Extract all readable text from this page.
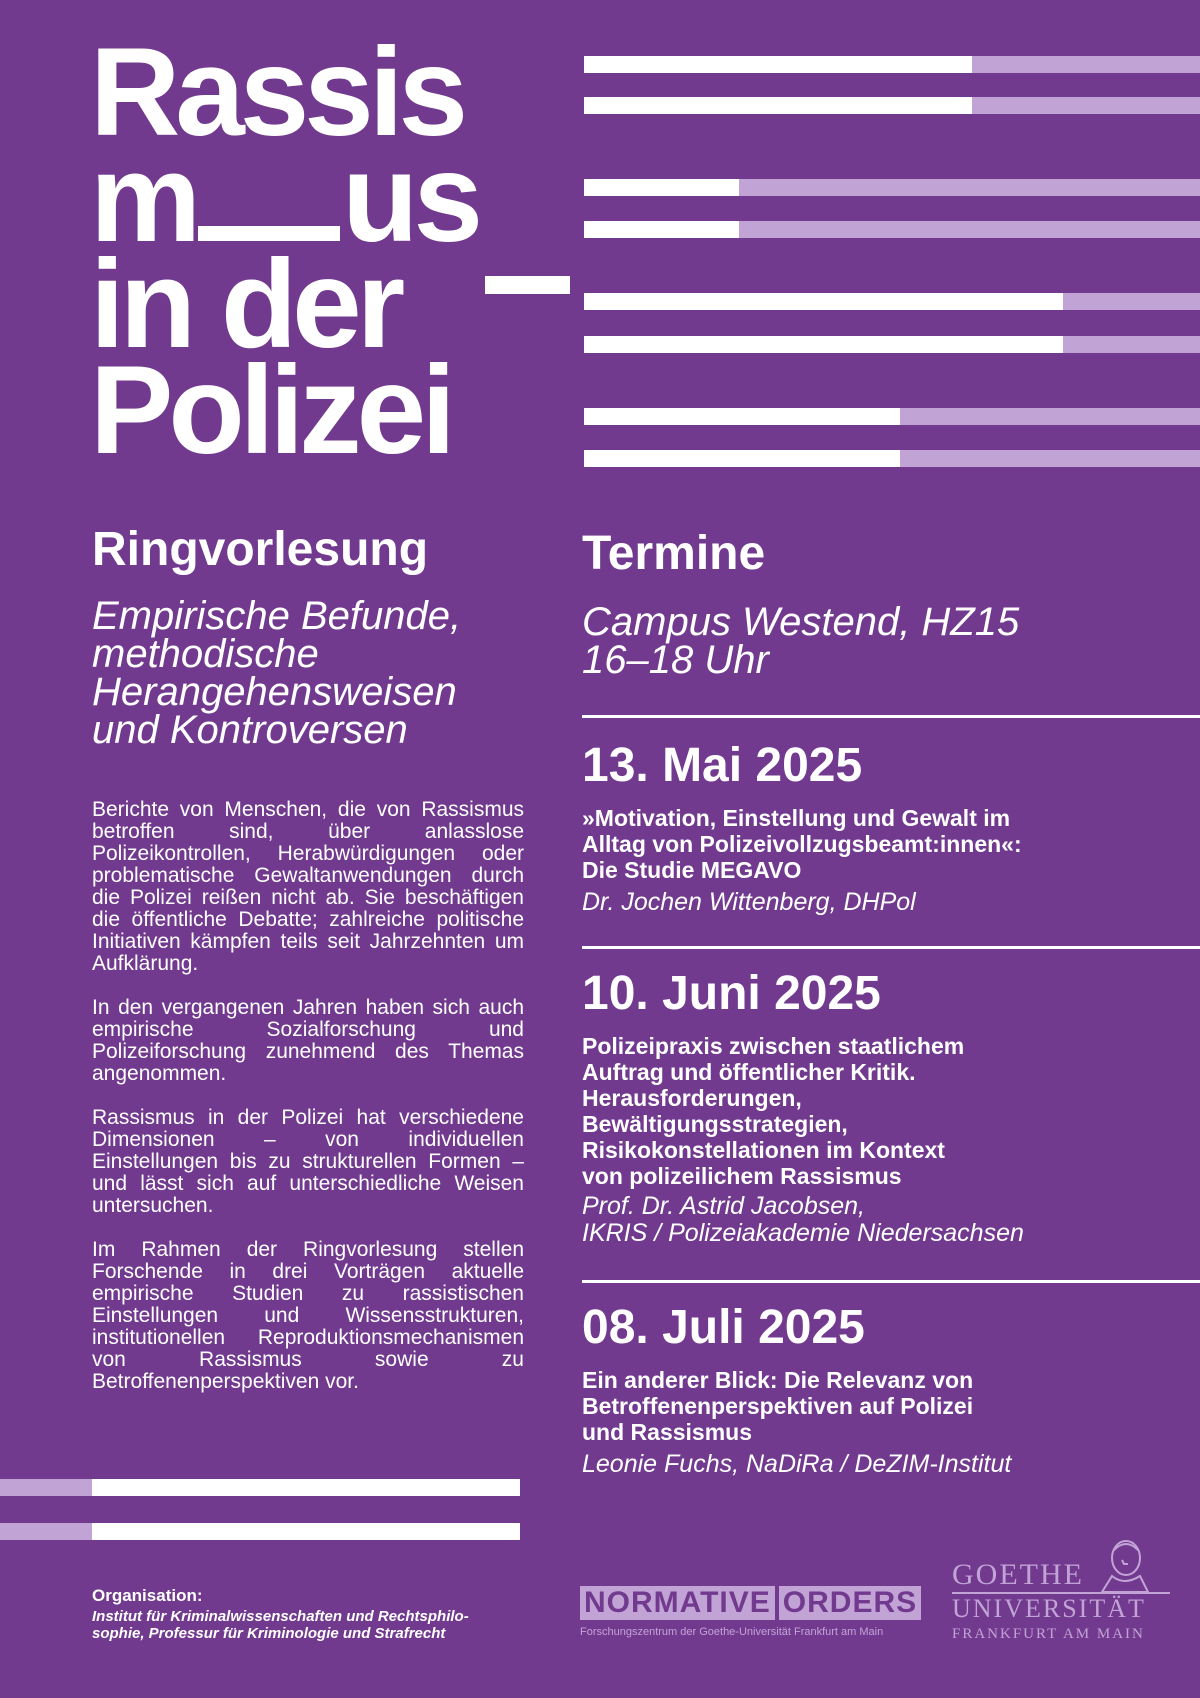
Rassis
m us
in der
Polizei
Ringvorlesung

Empirische Befunde,

methodische

Herangehensweisen

und Kontroversen

Berichte von Menschen, die von Rassismus betroffen sind, über anlasslose Polizeikontrollen, Herabwürdigungen oder problematische Gewaltanwendungen durch die Polizei reißen nicht ab. Sie beschäftigen die öffentliche Debatte; zahlreiche politische Initiativen kämpfen teils seit Jahrzehnten um Aufklärung.

In den vergangenen Jahren haben sich auch empirische Sozialforschung und Polizeiforschung zunehmend des Themas angenommen.

Rassismus in der Polizei hat verschiedene Dimensionen – von individuellen Einstellungen bis zu strukturellen Formen – und lässt sich auf unterschiedliche Weisen untersuchen.

Im Rahmen der Ringvorlesung stellen Forschende in drei Vorträgen aktuelle empirische Studien zu rassistischen Einstellungen und Wissensstrukturen, institutionellen Reproduktionsmechanismen von Rassismus sowie zu Betroffenenperspektiven vor.

Organisation:
Institut für Kriminalwissenschaften und Rechtsphilo-
sophie, Professur für Kriminologie und Strafrecht
Termine

Campus Westend, HZ15

16–18 Uhr

13. Mai 2025

»Motivation, Einstellung und Gewalt im

Alltag von Polizeivollzugsbeamt:innen«:

Die Studie MEGAVO

Dr. Jochen Wittenberg, DHPol

10. Juni 2025

Polizeipraxis zwischen staatlichem

Auftrag und öffentlicher Kritik.

Herausforderungen,

Bewältigungsstrategien,

Risikokonstellationen im Kontext

von polizeilichem Rassismus

Prof. Dr. Astrid Jacobsen,

IKRIS / Polizeiakademie Niedersachsen

08. Juli 2025

Ein anderer Blick: Die Relevanz von

Betroffenenperspektiven auf Polizei

und Rassismus

Leonie Fuchs, NaDiRa / DeZIM-Institut

NORMATIVE ORDERS
Forschungszentrum der Goethe-Universität Frankfurt am Main
GOETHE
UNIVERSITÄT
FRANKFURT AM MAIN
